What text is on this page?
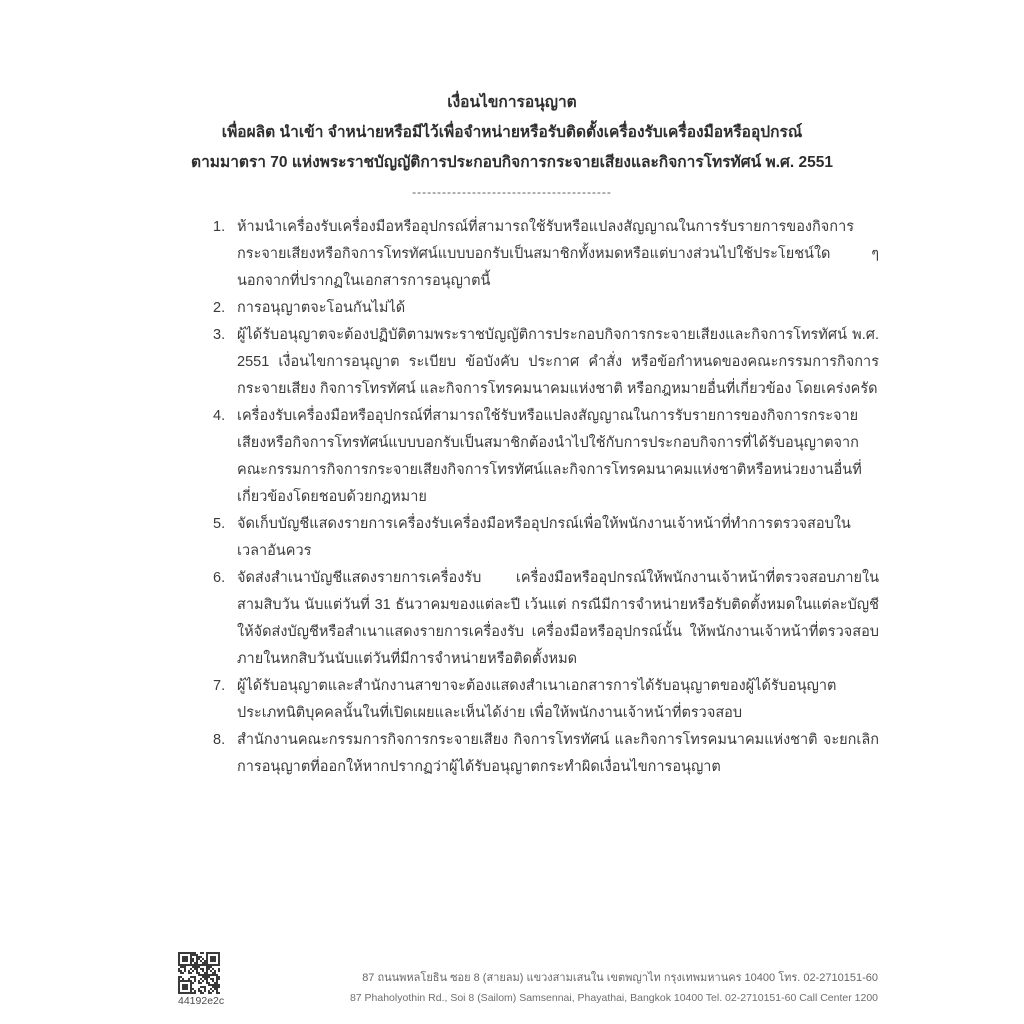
เงื่อนไขการอนุญาต
เพื่อผลิต นำเข้า จำหน่ายหรือมีไว้เพื่อจำหน่ายหรือรับติดตั้งเครื่องรับเครื่องมือหรืออุปกรณ์
ตามมาตรา 70 แห่งพระราชบัญญัติการประกอบกิจการกระจายเสียงและกิจการโทรทัศน์ พ.ศ. 2551
----------------------------------------
1. ห้ามนำเครื่องรับเครื่องมือหรืออุปกรณ์ที่สามารถใช้รับหรือแปลงสัญญาณในการรับรายการของกิจการกระจายเสียงหรือกิจการโทรทัศน์แบบบอกรับเป็นสมาชิกทั้งหมดหรือแต่บางส่วนไปใช้ประโยชน์ใด ๆ นอกจากที่ปรากฏในเอกสารการอนุญาตนี้
2. การอนุญาตจะโอนกันไม่ได้
3. ผู้ได้รับอนุญาตจะต้องปฏิบัติตามพระราชบัญญัติการประกอบกิจการกระจายเสียงและกิจการโทรทัศน์ พ.ศ. 2551 เงื่อนไขการอนุญาต ระเบียบ ข้อบังคับ ประกาศ คำสั่ง หรือข้อกำหนดของคณะกรรมการกิจการกระจายเสียง กิจการโทรทัศน์ และกิจการโทรคมนาคมแห่งชาติ หรือกฎหมายอื่นที่เกี่ยวข้อง โดยเคร่งครัด
4. เครื่องรับเครื่องมือหรืออุปกรณ์ที่สามารถใช้รับหรือแปลงสัญญาณในการรับรายการของกิจการกระจายเสียงหรือกิจการโทรทัศน์แบบบอกรับเป็นสมาชิกต้องนำไปใช้กับการประกอบกิจการที่ได้รับอนุญาตจากคณะกรรมการกิจการกระจายเสียงกิจการโทรทัศน์และกิจการโทรคมนาคมแห่งชาติหรือหน่วยงานอื่นที่เกี่ยวข้องโดยชอบด้วยกฎหมาย
5. จัดเก็บบัญชีแสดงรายการเครื่องรับเครื่องมือหรืออุปกรณ์เพื่อให้พนักงานเจ้าหน้าที่ทำการตรวจสอบในเวลาอันควร
6. จัดส่งสำเนาบัญชีแสดงรายการเครื่องรับ เครื่องมือหรืออุปกรณ์ให้พนักงานเจ้าหน้าที่ตรวจสอบภายในสามสิบวัน นับแต่วันที่ 31 ธันวาคมของแต่ละปี เว้นแต่ กรณีมีการจำหน่ายหรือรับติดตั้งหมดในแต่ละบัญชี ให้จัดส่งบัญชีหรือสำเนาแสดงรายการเครื่องรับ เครื่องมือหรืออุปกรณ์นั้น ให้พนักงานเจ้าหน้าที่ตรวจสอบภายในหกสิบวันนับแต่วันที่มีการจำหน่ายหรือติดตั้งหมด
7. ผู้ได้รับอนุญาตและสำนักงานสาขาจะต้องแสดงสำเนาเอกสารการได้รับอนุญาตของผู้ได้รับอนุญาตประเภทนิติบุคคลนั้นในที่เปิดเผยและเห็นได้ง่าย เพื่อให้พนักงานเจ้าหน้าที่ตรวจสอบ
8. สำนักงานคณะกรรมการกิจการกระจายเสียง กิจการโทรทัศน์ และกิจการโทรคมนาคมแห่งชาติ จะยกเลิกการอนุญาตที่ออกให้หากปรากฏว่าผู้ได้รับอนุญาตกระทำผิดเงื่อนไขการอนุญาต
44192e2c
87 ถนนพหลโยธิน ซอย 8 (สายลม) แขวงสามเสนใน เขตพญาไท กรุงเทพมหานคร 10400 โทร. 02-2710151-60
87 Phaholyothin Rd., Soi 8 (Sailom) Samsennai, Phayathai, Bangkok 10400 Tel. 02-2710151-60 Call Center 1200
